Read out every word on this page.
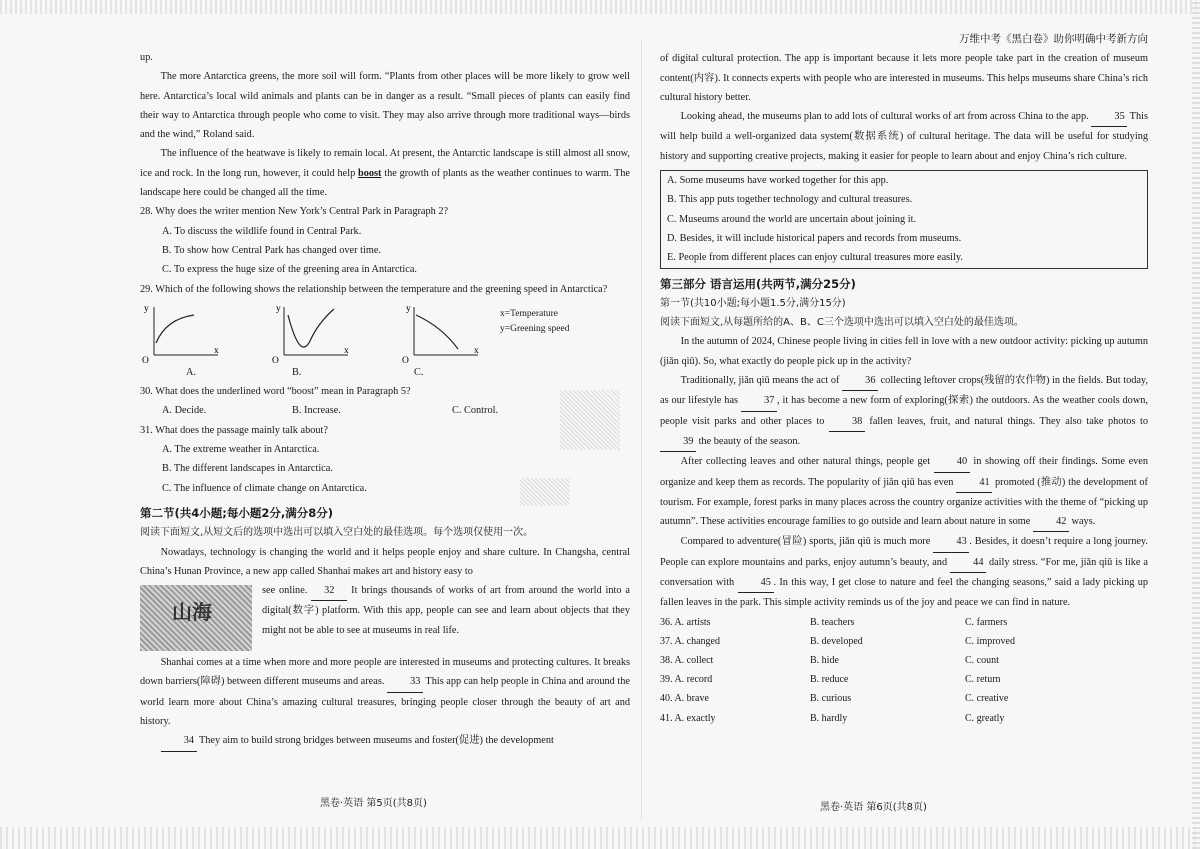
up.

The more Antarctica greens, the more soil will form. “Plants from other places will be more likely to grow well here. Antarctica’s local wild animals and plants can be in danger as a result. “Small pieces of plants can easily find their way to Antarctica through people who come to visit. They may also arrive through more traditional ways—birds and the wind,” Roland said.

The influence of the heatwave is likely to remain local. At present, the Antarctic landscape is still almost all snow, ice and rock. In the long run, however, it could help boost the growth of plants as the weather continues to warm. The landscape here could be changed all the time.

28. Why does the writer mention New York’s Central Park in Paragraph 2?

A. To discuss the wildlife found in Central Park.

B. To show how Central Park has changed over time.

C. To express the huge size of the greening area in Antarctica.

29. Which of the following shows the relationship between the temperature and the greening speed in Antarctica?

y
x
O
y
x
O
y
x
O
x=Temperature
y=Greening speed
A.	B.	C.

30. What does the underlined word “boost” mean in Paragraph 5?

A. Decide.	B. Increase.	C. Control.

31. What does the passage mainly talk about?

A. The extreme weather in Antarctica.

B. The different landscapes in Antarctica.

C. The influence of climate change on Antarctica.

第二节(共4小题;每小题2分,满分8分)

阅读下面短文,从短文后的选项中选出可以填入空白处的最佳选项。每个选项仅使用一次。

Nowadays, technology is changing the world and it helps people enjoy and share culture. In Changsha, central China’s Hunan Province, a new app called Shanhai makes art and history easy to

山海

see online. 32 It brings thousands of works of art from around the world into a digital(数字) platform. With this app, people can see and learn about objects that they might not be able to see at museums in real life.

Shanhai comes at a time when more and more people are interested in museums and protecting cultures. It breaks down barriers(障碍) between different museums and areas. 33 This app can help people in China and around the world learn more about China’s amazing cultural treasures, bringing people closer through the beauty of art and history.

34 They aim to build strong bridges between museums and foster(促进) the development

万维中考《黑白卷》助你明确中考新方向

of digital cultural protection. The app is important because it lets more people take part in the creation of museum content(内容). It connects experts with people who are interested in museums. This helps museums share China’s rich cultural history better.

Looking ahead, the museums plan to add lots of cultural works of art from across China to the app. 35 This will help build a well-organized data system(数据系统) of cultural heritage. The data will be useful for studying history and supporting creative projects, making it easier for people to learn about and enjoy China’s rich culture.

A. Some museums have worked together for this app.

B. This app puts together technology and cultural treasures.

C. Museums around the world are uncertain about joining it.

D. Besides, it will include historical papers and records from museums.

E. People from different places can enjoy cultural treasures more easily.

第三部分 语言运用(共两节,满分25分)

第一节(共10小题;每小题1.5分,满分15分)

阅读下面短文,从每题所给的A、B、C三个选项中选出可以填入空白处的最佳选项。

In the autumn of 2024, Chinese people living in cities fell in love with a new outdoor activity: picking up autumn (jiǎn qiū). So, what exactly do people pick up in the activity?

Traditionally, jiǎn qiū means the act of 36 collecting leftover crops(残留的农作物) in the fields. But today, as our lifestyle has 37 , it has become a new form of exploring(探索) the outdoors. As the weather cools down, people visit parks and other places to 38 fallen leaves, fruit, and natural things. They also take photos to 39 the beauty of the season.

After collecting leaves and other natural things, people get 40 in showing off their findings. Some even organize and keep them as records. The popularity of jiǎn qiū has even 41 promoted (推动) the development of tourism. For example, forest parks in many places across the country organize activities with the theme of “picking up autumn”. These activities encourage families to go outside and learn about nature in some 42 ways.

Compared to adventure(冒险) sports, jiǎn qiū is much more 43 . Besides, it doesn’t require a long journey. People can explore mountains and parks, enjoy autumn’s beauty, and 44 daily stress. “For me, jiǎn qiū is like a conversation with 45 . In this way, I get close to nature and feel the changing seasons,” said a lady picking up fallen leaves in the park. This simple activity reminds us of the joy and peace we can find in nature.

36. A. artists	B. teachers	C. farmers
37. A. changed	B. developed	C. improved
38. A. collect	B. hide	C. count
39. A. record	B. reduce	C. return
40. A. brave	B. curious	C. creative
41. A. exactly	B. hardly	C. greatly
黑卷·英语 第5页(共8页)	黑卷·英语 第6页(共8页)
